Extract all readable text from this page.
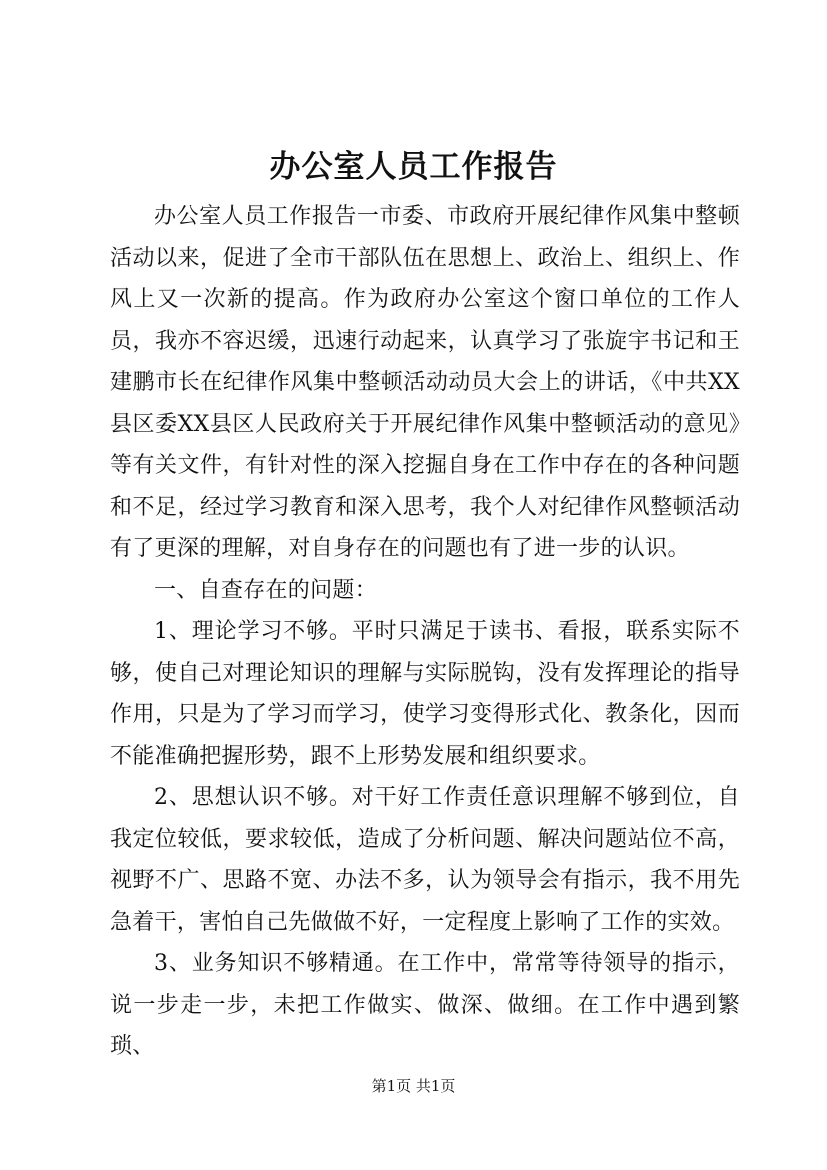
办公室人员工作报告

办公室人员工作报告一市委、市政府开展纪律作风集中整顿活动以来，促进了全市干部队伍在思想上、政治上、组织上、作风上又一次新的提高。作为政府办公室这个窗口单位的工作人员，我亦不容迟缓，迅速行动起来，认真学习了张旋宇书记和王建鹏市长在纪律作风集中整顿活动动员大会上的讲话，《中共XX县区委XX县区人民政府关于开展纪律作风集中整顿活动的意见》等有关文件，有针对性的深入挖掘自身在工作中存在的各种问题和不足，经过学习教育和深入思考，我个人对纪律作风整顿活动有了更深的理解，对自身存在的问题也有了进一步的认识。

一、自查存在的问题：

1、理论学习不够。平时只满足于读书、看报，联系实际不够，使自己对理论知识的理解与实际脱钩，没有发挥理论的指导作用，只是为了学习而学习，使学习变得形式化、教条化，因而不能准确把握形势，跟不上形势发展和组织要求。

2、思想认识不够。对干好工作责任意识理解不够到位，自我定位较低，要求较低，造成了分析问题、解决问题站位不高，视野不广、思路不宽、办法不多，认为领导会有指示，我不用先急着干，害怕自己先做做不好，一定程度上影响了工作的实效。

3、业务知识不够精通。在工作中，常常等待领导的指示，说一步走一步，未把工作做实、做深、做细。在工作中遇到繁琐、

第1页 共1页
